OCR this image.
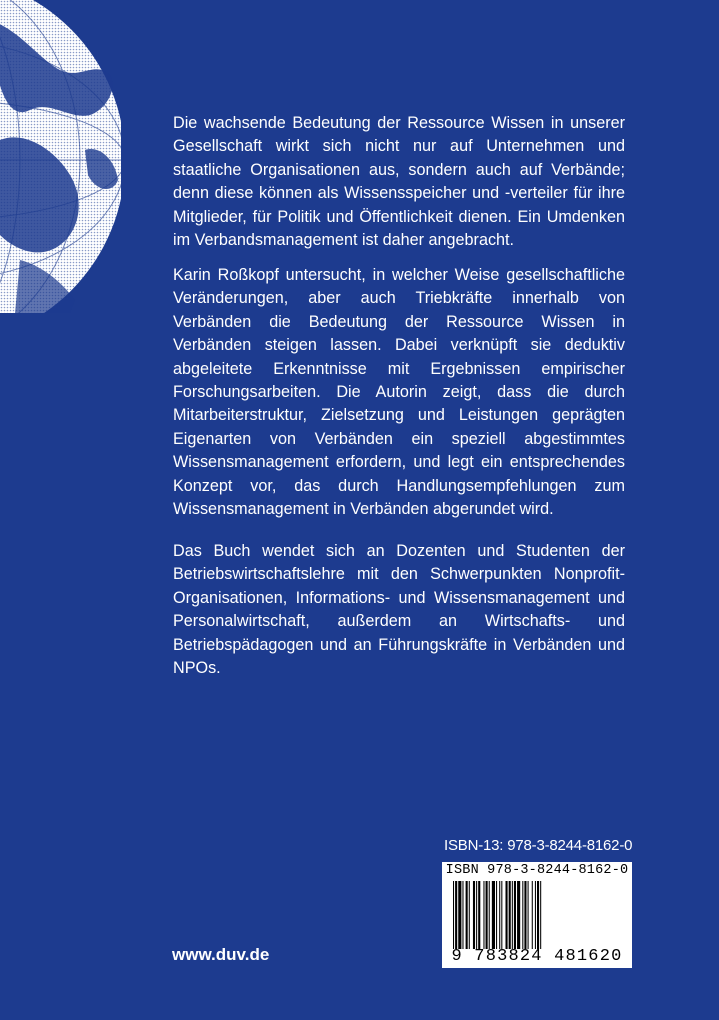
Die wachsende Bedeutung der Ressource Wissen in unserer Gesellschaft wirkt sich nicht nur auf Unternehmen und staatliche Organisationen aus, sondern auch auf Verbände; denn diese können als Wissensspeicher und -verteiler für ihre Mitglieder, für Politik und Öffentlichkeit dienen. Ein Umdenken im Verbandsmanagement ist daher angebracht.

Karin Roßkopf untersucht, in welcher Weise gesellschaftliche Veränderungen, aber auch Triebkräfte innerhalb von Verbänden die Bedeutung der Ressource Wissen in Verbänden steigen lassen. Dabei verknüpft sie deduktiv abgeleitete Erkenntnisse mit Ergebnissen empirischer Forschungsarbeiten. Die Autorin zeigt, dass die durch Mitarbeiterstruktur, Zielsetzung und Leistungen geprägten Eigenarten von Verbänden ein speziell abgestimmtes Wissensmanagement erfordern, und legt ein entsprechendes Konzept vor, das durch Handlungsempfehlungen zum Wissensmanagement in Verbänden abgerundet wird.

Das Buch wendet sich an Dozenten und Studenten der Betriebswirtschaftslehre mit den Schwerpunkten Nonprofit-Organisationen, Informations- und Wissensmanagement und Personalwirtschaft, außerdem an Wirtschafts- und Betriebspädagogen und an Führungskräfte in Verbänden und NPOs.

ISBN-13: 978-3-8244-8162-0
ISBN 978-3-8244-8162-0
9 783824 481620
www.duv.de
